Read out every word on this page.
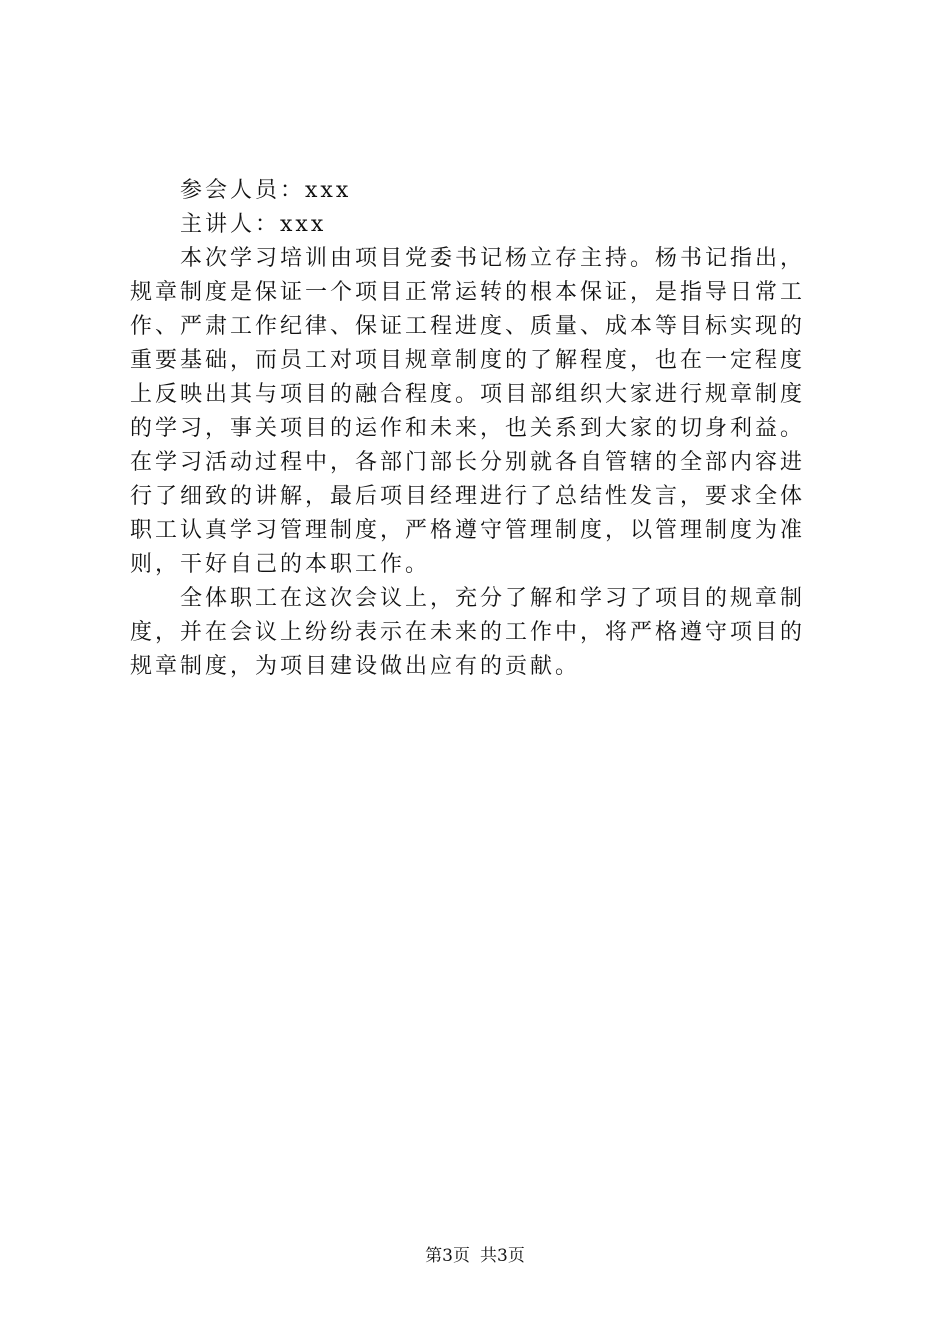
参会人员：xxx
主讲人：xxx
本次学习培训由项目党委书记杨立存主持。杨书记指出，
规章制度是保证一个项目正常运转的根本保证，是指导日常工
作、严肃工作纪律、保证工程进度、质量、成本等目标实现的
重要基础，而员工对项目规章制度的了解程度，也在一定程度
上反映出其与项目的融合程度。项目部组织大家进行规章制度
的学习，事关项目的运作和未来，也关系到大家的切身利益。
在学习活动过程中，各部门部长分别就各自管辖的全部内容进
行了细致的讲解，最后项目经理进行了总结性发言，要求全体
职工认真学习管理制度，严格遵守管理制度，以管理制度为准
则，干好自己的本职工作。
全体职工在这次会议上，充分了解和学习了项目的规章制
度，并在会议上纷纷表示在未来的工作中，将严格遵守项目的
规章制度，为项目建设做出应有的贡献。
第3页 共3页
